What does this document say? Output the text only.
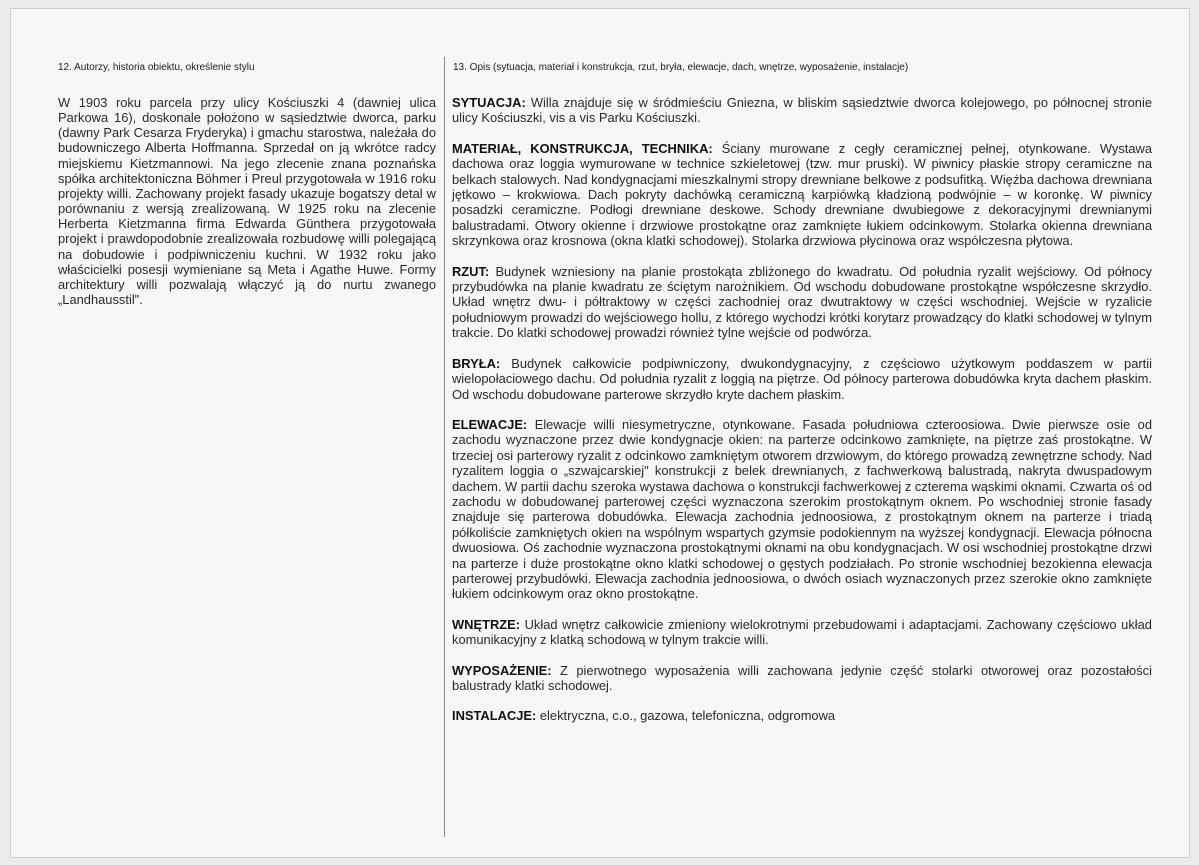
12. Autorzy, historia obiektu, określenie stylu

W 1903 roku parcela przy ulicy Kościuszki 4 (dawniej ulica Parkowa 16), doskonale położono w sąsiedztwie dworca, parku (dawny Park Cesarza Fryderyka) i gmachu starostwa, należała do budowniczego Alberta Hoffmanna. Sprzedał on ją wkrótce radcy miejskiemu Kietzmannowi. Na jego zlecenie znana poznańska spółka architektoniczna Böhmer i Preul przygotowała w 1916 roku projekty willi. Zachowany projekt fasady ukazuje bogatszy detal w porównaniu z wersją zrealizowaną. W 1925 roku na zlecenie Herberta Kietzmanna firma Edwarda Günthera przygotowała projekt i prawdopodobnie zrealizowała rozbudowę willi polegającą na dobudowie i podpiwniczeniu kuchni. W 1932 roku jako właścicielki posesji wymieniane są Meta i Agathe Huwe. Formy architektury willi pozwalają włączyć ją do nurtu zwanego „Landhausstil".

13. Opis (sytuacja, materiał i konstrukcja, rzut, bryła, elewacje, dach, wnętrze, wyposażenie, instalacje)

SYTUACJA: Willa znajduje się w śródmieściu Gniezna, w bliskim sąsiedztwie dworca kolejowego, po północnej stronie ulicy Kościuszki, vis a vis Parku Kościuszki.

MATERIAŁ, KONSTRUKCJA, TECHNIKA: Ściany murowane z cegły ceramicznej pełnej, otynkowane. Wystawa dachowa oraz loggia wymurowane w technice szkieletowej (tzw. mur pruski). W piwnicy płaskie stropy ceramiczne na belkach stalowych. Nad kondygnacjami mieszkalnymi stropy drewniane belkowe z podsufitką. Więźba dachowa drewniana jętkowo – krokwiowa. Dach pokryty dachówką ceramiczną karpiówką kładzioną podwójnie – w koronkę. W piwnicy posadzki ceramiczne. Podłogi drewniane deskowe. Schody drewniane dwubiegowe z dekoracyjnymi drewnianymi balustradami. Otwory okienne i drzwiowe prostokątne oraz zamknięte łukiem odcinkowym. Stolarka okienna drewniana skrzynkowa oraz krosnowa (okna klatki schodowej). Stolarka drzwiowa płycinowa oraz współczesna płytowa.

RZUT: Budynek wzniesiony na planie prostokąta zbliżonego do kwadratu. Od południa ryzalit wejściowy. Od północy przybudówka na planie kwadratu ze ściętym narożnikiem. Od wschodu dobudowane prostokątne współczesne skrzydło. Układ wnętrz dwu- i półtraktowy w części zachodniej oraz dwutraktowy w części wschodniej. Wejście w ryzalicie południowym prowadzi do wejściowego hollu, z którego wychodzi krótki korytarz prowadzący do klatki schodowej w tylnym trakcie. Do klatki schodowej prowadzi również tylne wejście od podwórza.

BRYŁA: Budynek całkowicie podpiwniczony, dwukondygnacyjny, z częściowo użytkowym poddaszem w partii wielopołaciowego dachu. Od południa ryzalit z loggią na piętrze. Od północy parterowa dobudówka kryta dachem płaskim. Od wschodu dobudowane parterowe skrzydło kryte dachem płaskim.

ELEWACJE: Elewacje willi niesymetryczne, otynkowane. Fasada południowa czteroosiowa. Dwie pierwsze osie od zachodu wyznaczone przez dwie kondygnacje okien: na parterze odcinkowo zamknięte, na piętrze zaś prostokątne. W trzeciej osi parterowy ryzalit z odcinkowo zamkniętym otworem drzwiowym, do którego prowadzą zewnętrzne schody. Nad ryzalitem loggia o „szwajcarskiej" konstrukcji z belek drewnianych, z fachwerkową balustradą, nakryta dwuspadowym dachem. W partii dachu szeroka wystawa dachowa o konstrukcji fachwerkowej z czterema wąskimi oknami. Czwarta oś od zachodu w dobudowanej parterowej części wyznaczona szerokim prostokątnym oknem. Po wschodniej stronie fasady znajduje się parterowa dobudówka. Elewacja zachodnia jednoosiowa, z prostokątnym oknem na parterze i triadą półkoliście zamkniętych okien na wspólnym wspartych gzymsie podokiennym na wyższej kondygnacji. Elewacja północna dwuosiowa. Oś zachodnie wyznaczona prostokątnymi oknami na obu kondygnacjach. W osi wschodniej prostokątne drzwi na parterze i duże prostokątne okno klatki schodowej o gęstych podziałach. Po stronie wschodniej bezokienna elewacja parterowej przybudówki. Elewacja zachodnia jednoosiowa, o dwóch osiach wyznaczonych przez szerokie okno zamknięte łukiem odcinkowym oraz okno prostokątne.

WNĘTRZE: Układ wnętrz całkowicie zmieniony wielokrotnymi przebudowami i adaptacjami. Zachowany częściowo układ komunikacyjny z klatką schodową w tylnym trakcie willi.

WYPOSAŻENIE: Z pierwotnego wyposażenia willi zachowana jedynie część stolarki otworowej oraz pozostałości balustrady klatki schodowej.

INSTALACJE: elektryczna, c.o., gazowa, telefoniczna, odgromowa
